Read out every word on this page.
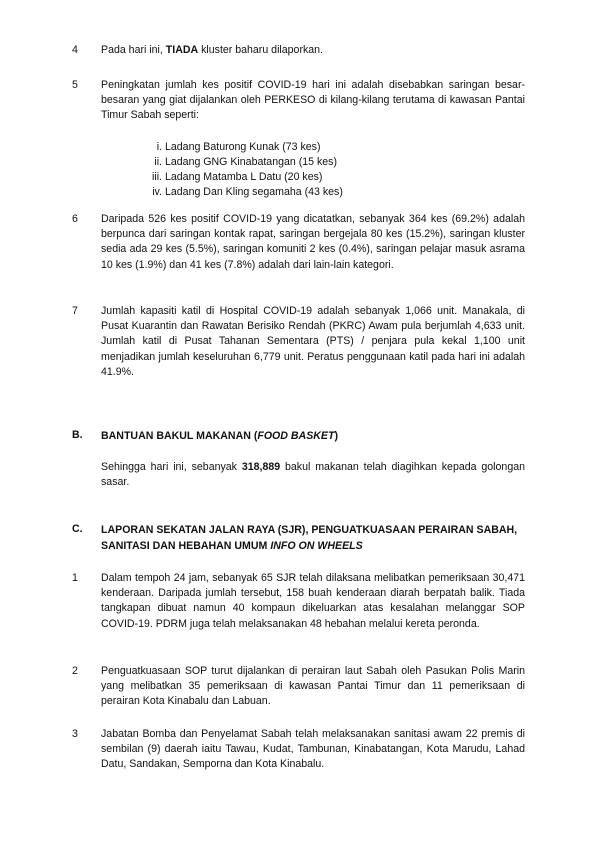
4 Pada hari ini, TIADA kluster baharu dilaporkan.
5 Peningkatan jumlah kes positif COVID-19 hari ini adalah disebabkan saringan besar-besaran yang giat dijalankan oleh PERKESO di kilang-kilang terutama di kawasan Pantai Timur Sabah seperti:
i. Ladang Baturong Kunak (73 kes)
ii. Ladang GNG Kinabatangan (15 kes)
iii. Ladang Matamba L Datu (20 kes)
iv. Ladang Dan Kling segamaha (43 kes)
6 Daripada 526 kes positif COVID-19 yang dicatatkan, sebanyak 364 kes (69.2%) adalah berpunca dari saringan kontak rapat, saringan bergejala 80 kes (15.2%), saringan kluster sedia ada 29 kes (5.5%), saringan komuniti 2 kes (0.4%), saringan pelajar masuk asrama 10 kes (1.9%) dan 41 kes (7.8%) adalah dari lain-lain kategori.
7 Jumlah kapasiti katil di Hospital COVID-19 adalah sebanyak 1,066 unit. Manakala, di Pusat Kuarantin dan Rawatan Berisiko Rendah (PKRC) Awam pula berjumlah 4,633 unit. Jumlah katil di Pusat Tahanan Sementara (PTS) / penjara pula kekal 1,100 unit menjadikan jumlah keseluruhan 6,779 unit. Peratus penggunaan katil pada hari ini adalah 41.9%.
B. BANTUAN BAKUL MAKANAN (FOOD BASKET)
Sehingga hari ini, sebanyak 318,889 bakul makanan telah diagihkan kepada golongan sasar.
C. LAPORAN SEKATAN JALAN RAYA (SJR), PENGUATKUASAAN PERAIRAN SABAH, SANITASI DAN HEBAHAN UMUM INFO ON WHEELS
1 Dalam tempoh 24 jam, sebanyak 65 SJR telah dilaksana melibatkan pemeriksaan 30,471 kenderaan. Daripada jumlah tersebut, 158 buah kenderaan diarah berpatah balik. Tiada tangkapan dibuat namun 40 kompaun dikeluarkan atas kesalahan melanggar SOP COVID-19. PDRM juga telah melaksanakan 48 hebahan melalui kereta peronda.
2 Penguatkuasaan SOP turut dijalankan di perairan laut Sabah oleh Pasukan Polis Marin yang melibatkan 35 pemeriksaan di kawasan Pantai Timur dan 11 pemeriksaan di perairan Kota Kinabalu dan Labuan.
3 Jabatan Bomba dan Penyelamat Sabah telah melaksanakan sanitasi awam 22 premis di sembilan (9) daerah iaitu Tawau, Kudat, Tambunan, Kinabatangan, Kota Marudu, Lahad Datu, Sandakan, Semporna dan Kota Kinabalu.
